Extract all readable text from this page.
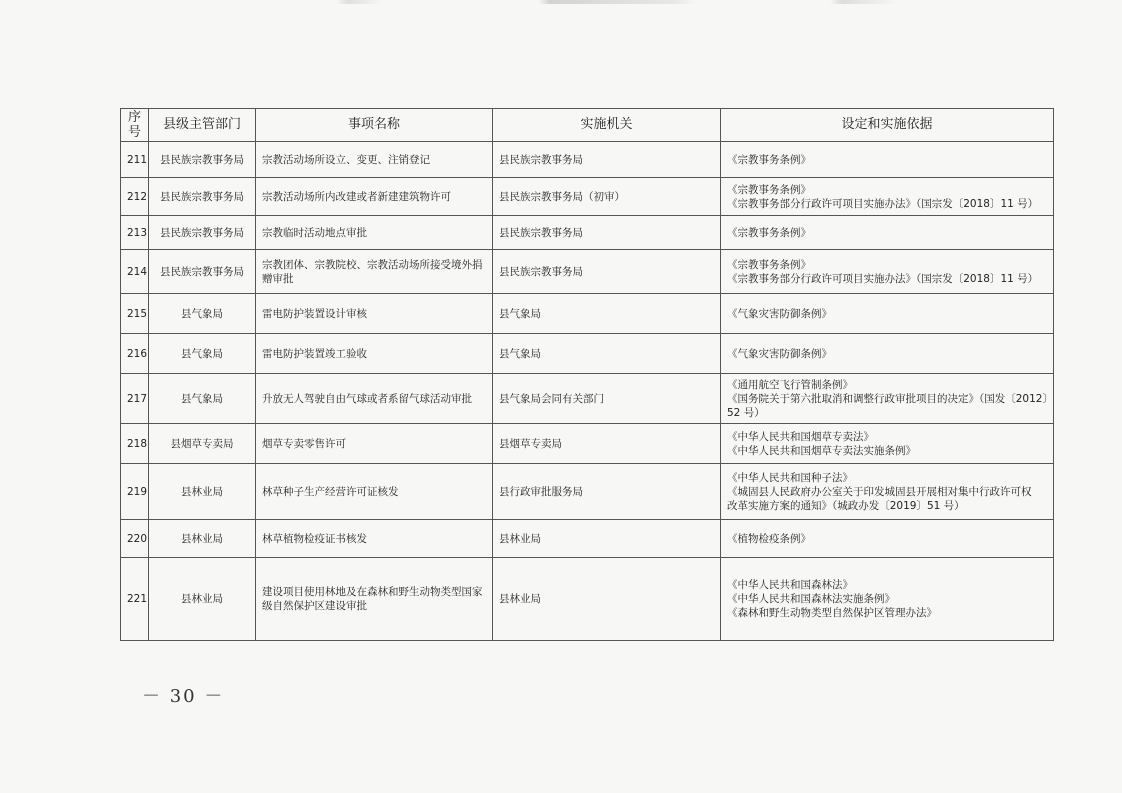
序号	县级主管部门	事项名称	实施机关	设定和实施依据
211	县民族宗教事务局	宗教活动场所设立、变更、注销登记	县民族宗教事务局	《宗教事务条例》

212	县民族宗教事务局	宗教活动场所内改建或者新建建筑物许可	县民族宗教事务局（初审）	《宗教事务条例》
《宗教事务部分行政许可项目实施办法》（国宗发〔2018〕11 号）

213	县民族宗教事务局	宗教临时活动地点审批	县民族宗教事务局	《宗教事务条例》

214	县民族宗教事务局	宗教团体、宗教院校、宗教活动场所接受境外捐赠审批	县民族宗教事务局	《宗教事务条例》
《宗教事务部分行政许可项目实施办法》（国宗发〔2018〕11 号）

215	县气象局	雷电防护装置设计审核	县气象局	《气象灾害防御条例》

216	县气象局	雷电防护装置竣工验收	县气象局	《气象灾害防御条例》

217	县气象局	升放无人驾驶自由气球或者系留气球活动审批	县气象局会同有关部门	《通用航空飞行管制条例》
《国务院关于第六批取消和调整行政审批项目的决定》（国发〔2012〕
52 号）

218	县烟草专卖局	烟草专卖零售许可	县烟草专卖局	《中华人民共和国烟草专卖法》
《中华人民共和国烟草专卖法实施条例》

219	县林业局	林草种子生产经营许可证核发	县行政审批服务局	《中华人民共和国种子法》
《城固县人民政府办公室关于印发城固县开展相对集中行政许可权
改革实施方案的通知》（城政办发〔2019〕51 号）

220	县林业局	林草植物检疫证书核发	县林业局	《植物检疫条例》

221	县林业局	建设项目使用林地及在森林和野生动物类型国家级自然保护区建设审批	县林业局	《中华人民共和国森林法》
《中华人民共和国森林法实施条例》
《森林和野生动物类型自然保护区管理办法》
－ 30 －
